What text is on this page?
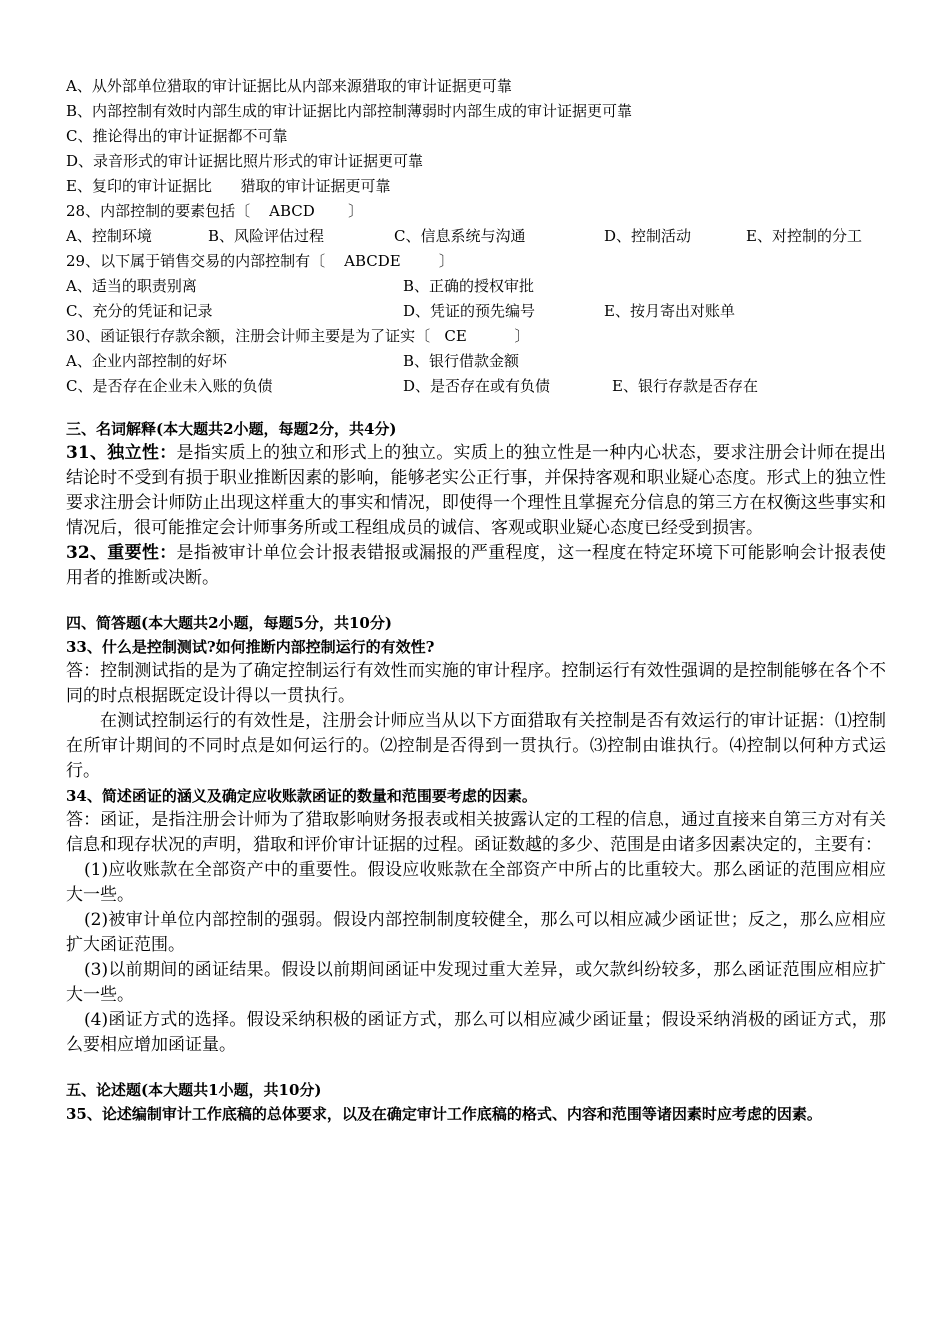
A、从外部单位猎取的审计证据比从内部来源猎取的审计证据更可靠
B、内部控制有效时内部生成的审计证据比内部控制薄弱时内部生成的审计证据更可靠
C、推论得出的审计证据都不可靠
D、录音形式的审计证据比照片形式的审计证据更可靠
E、复印的审计证据比      猎取的审计证据更可靠
28、内部控制的要素包括〔    ABCD       〕
A、控制环境	B、风险评估过程	C、信息系统与沟通	D、控制活动	E、对控制的分工
29、以下属于销售交易的内部控制有〔    ABCDE        〕
A、适当的职责别离	B、正确的授权审批
C、充分的凭证和记录	D、凭证的预先编号	E、按月寄出对账单
30、函证银行存款余额，注册会计师主要是为了证实〔   CE          〕
A、企业内部控制的好坏	B、银行借款金额
C、是否存在企业未入账的负债	D、是否存在或有负债	E、银行存款是否存在
三、名词解释(本大题共2小题，每题2分，共4分)
31、独立性：是指实质上的独立和形式上的独立。实质上的独立性是一种内心状态，要求注册会计师在提出结论时不受到有损于职业推断因素的影响，能够老实公正行事，并保持客观和职业疑心态度。形式上的独立性要求注册会计师防止出现这样重大的事实和情况，即使得一个理性且掌握充分信息的第三方在权衡这些事实和情况后，很可能推定会计师事务所或工程组成员的诚信、客观或职业疑心态度已经受到损害。
32、重要性：是指被审计单位会计报表错报或漏报的严重程度，这一程度在特定环境下可能影响会计报表使用者的推断或决断。
四、简答题(本大题共2小题，每题5分，共10分)
33、什么是控制测试?如何推断内部控制运行的有效性?
答：控制测试指的是为了确定控制运行有效性而实施的审计程序。控制运行有效性强调的是控制能够在各个不同的时点根据既定设计得以一贯执行。
在测试控制运行的有效性是，注册会计师应当从以下方面猎取有关控制是否有效运行的审计证据：⑴控制在所审计期间的不同时点是如何运行的。⑵控制是否得到一贯执行。⑶控制由谁执行。⑷控制以何种方式运行。
34、简述函证的涵义及确定应收账款函证的数量和范围要考虑的因素。
答：函证，是指注册会计师为了猎取影响财务报表或相关披露认定的工程的信息，通过直接来自第三方对有关信息和现存状况的声明，猎取和评价审计证据的过程。函证数越的多少、范围是由诸多因素决定的，主要有：
(1)应收账款在全部资产中的重要性。假设应收账款在全部资产中所占的比重较大。那么函证的范围应相应大一些。
(2)被审计单位内部控制的强弱。假设内部控制制度较健全，那么可以相应减少函证世；反之，那么应相应扩大函证范围。
(3)以前期间的函证结果。假设以前期间函证中发现过重大差异，或欠款纠纷较多，那么函证范围应相应扩大一些。
(4)函证方式的选择。假设采纳积极的函证方式，那么可以相应减少函证量；假设采纳消极的函证方式，那么要相应增加函证量。
五、论述题(本大题共1小题，共10分)
35、论述编制审计工作底稿的总体要求，以及在确定审计工作底稿的格式、内容和范围等诸因素时应考虑的因素。
